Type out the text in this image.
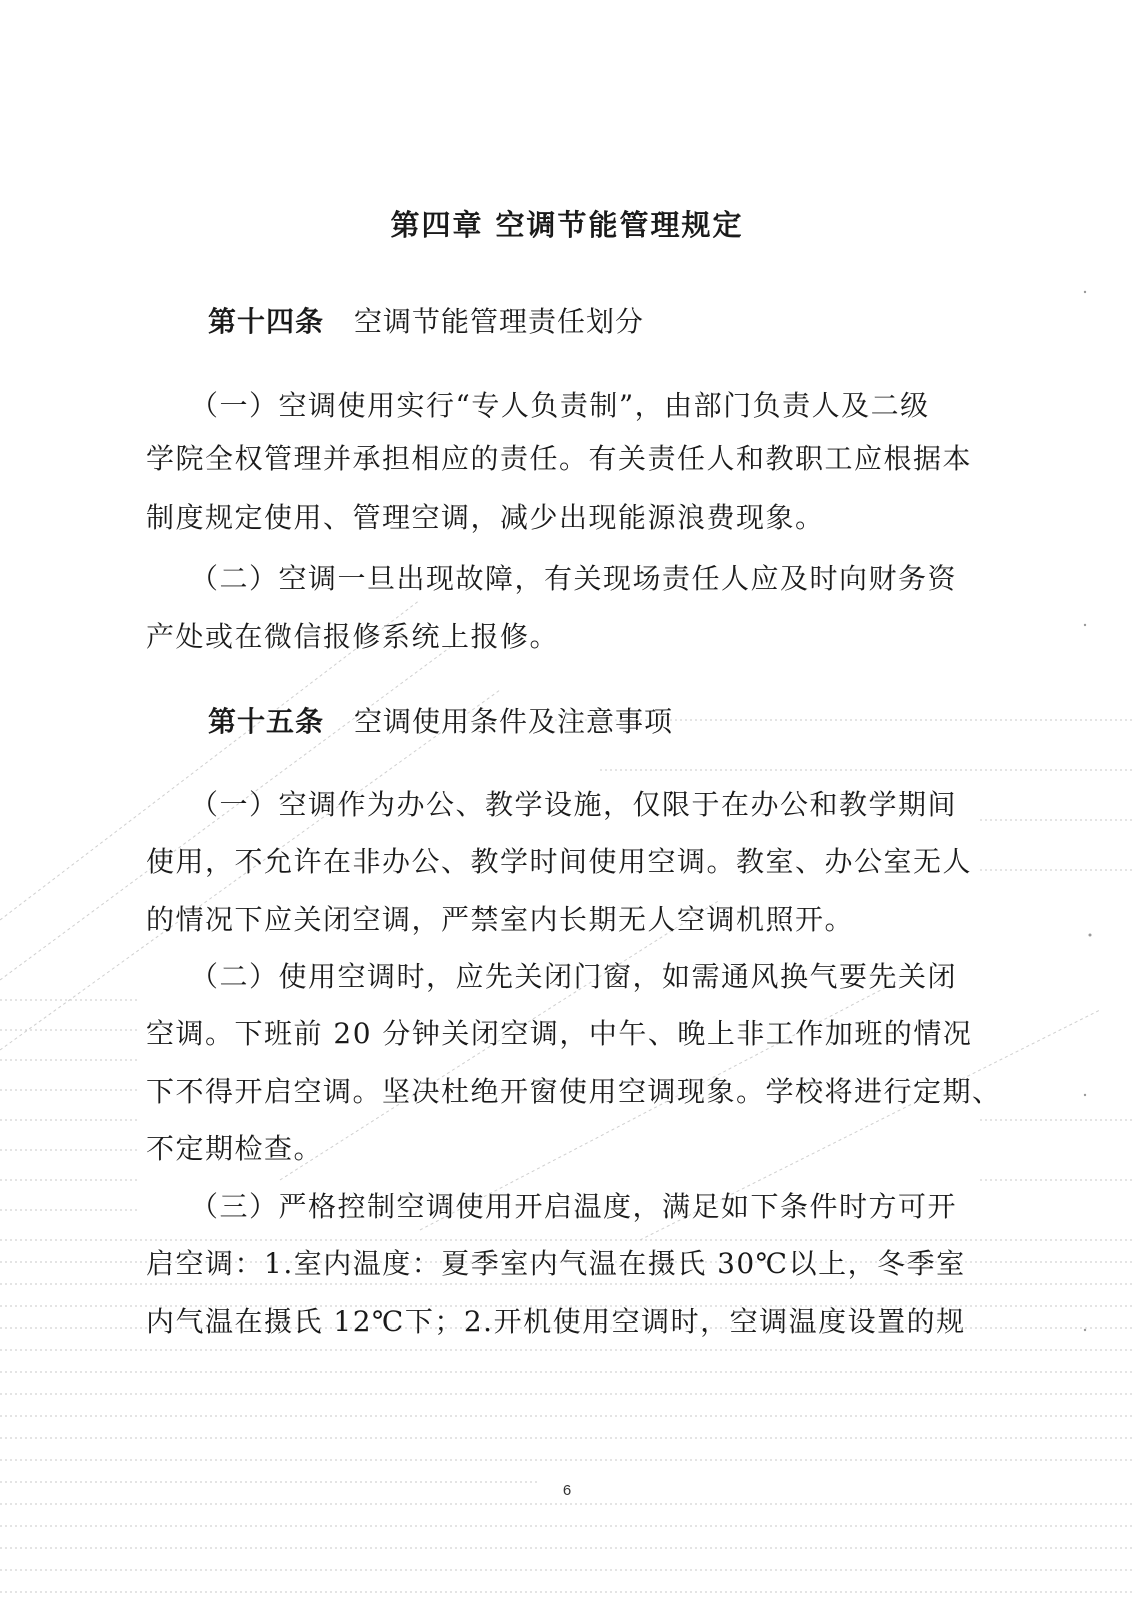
第四章 空调节能管理规定
第十四条 空调节能管理责任划分
（一）空调使用实行“专人负责制”，由部门负责人及二级
学院全权管理并承担相应的责任。有关责任人和教职工应根据本
制度规定使用、管理空调，减少出现能源浪费现象。
（二）空调一旦出现故障，有关现场责任人应及时向财务资
产处或在微信报修系统上报修。
第十五条 空调使用条件及注意事项
（一）空调作为办公、教学设施，仅限于在办公和教学期间
使用，不允许在非办公、教学时间使用空调。教室、办公室无人
的情况下应关闭空调，严禁室内长期无人空调机照开。
（二）使用空调时，应先关闭门窗，如需通风换气要先关闭
空调。下班前 20 分钟关闭空调，中午、晚上非工作加班的情况
下不得开启空调。坚决杜绝开窗使用空调现象。学校将进行定期、
不定期检查。
（三）严格控制空调使用开启温度，满足如下条件时方可开
启空调：1.室内温度：夏季室内气温在摄氏 30℃以上，冬季室
内气温在摄氏 12℃下；2.开机使用空调时，空调温度设置的规
6
